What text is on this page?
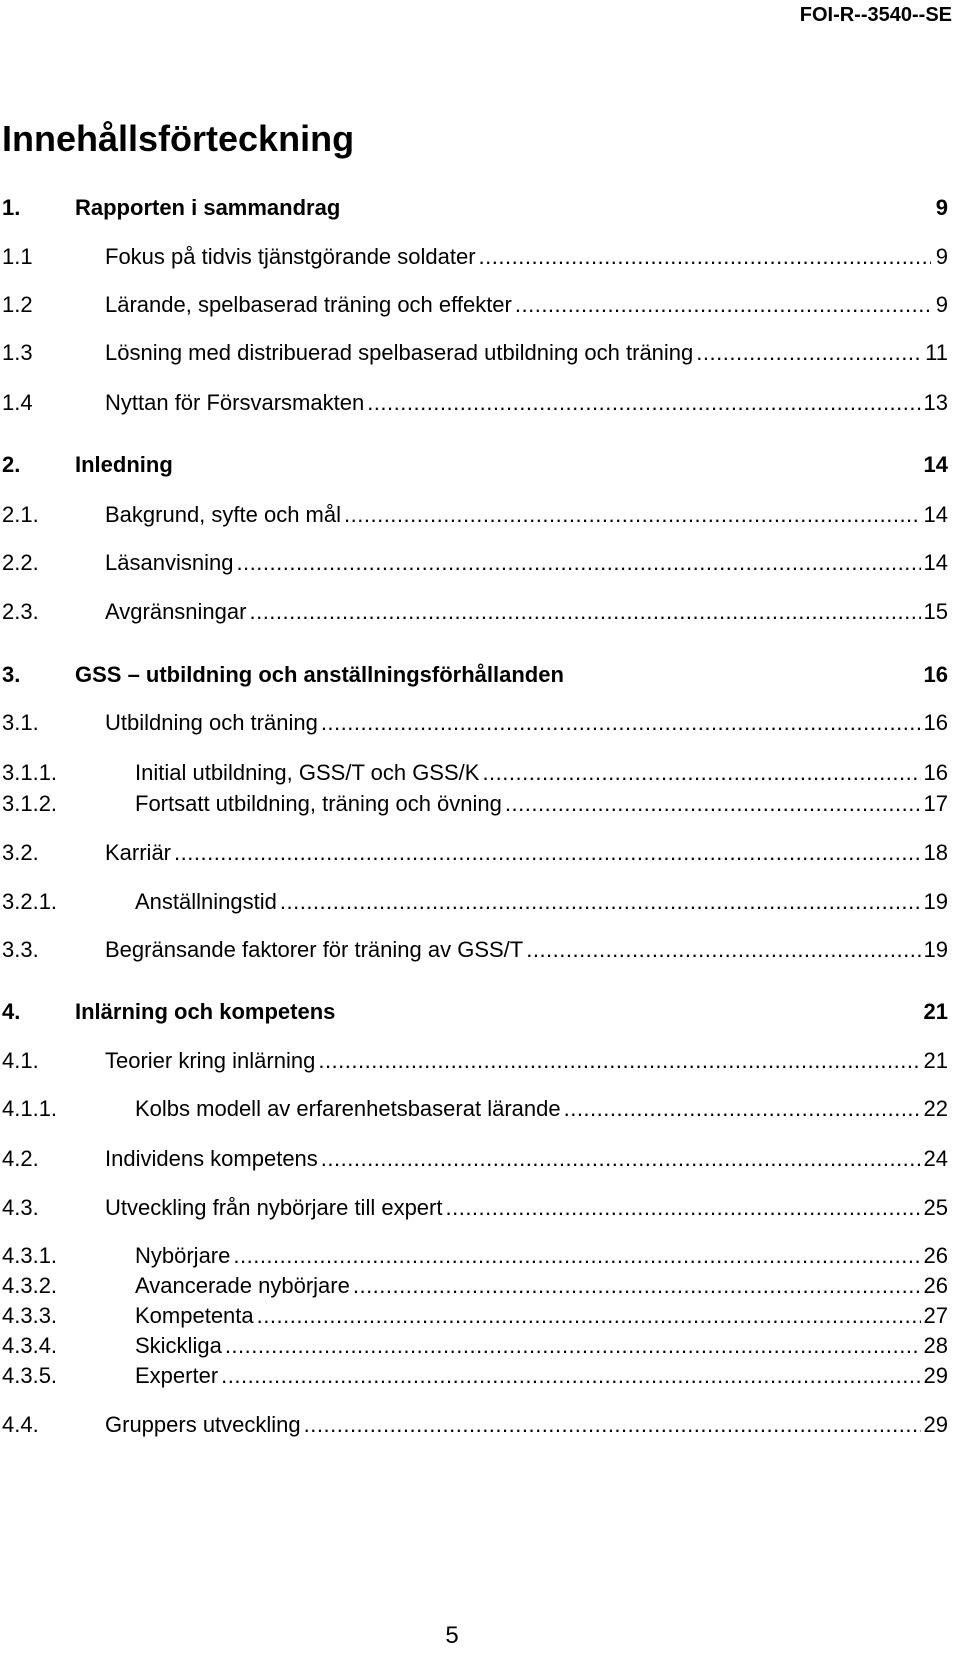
FOI-R--3540--SE
Innehållsförteckning
1.	Rapporten i sammandrag	9
1.1	Fokus på tidvis tjänstgörande soldater .....	9
1.2	Lärande, spelbaserad träning och effekter .....	9
1.3	Lösning med distribuerad spelbaserad utbildning och träning .....	11
1.4	Nyttan för Försvarsmakten .....	13
2.	Inledning	14
2.1.	Bakgrund, syfte och mål .....	14
2.2.	Läsanvisning .....	14
2.3.	Avgränsningar .....	15
3.	GSS – utbildning och anställningsförhållanden	16
3.1.	Utbildning och träning .....	16
3.1.1.	Initial utbildning, GSS/T och GSS/K .....	16
3.1.2.	Fortsatt utbildning, träning och övning .....	17
3.2.	Karriär .....	18
3.2.1.	Anställningstid .....	19
3.3.	Begränsande faktorer för träning av GSS/T .....	19
4.	Inlärning och kompetens	21
4.1.	Teorier kring inlärning .....	21
4.1.1.	Kolbs modell av erfarenhetsbaserat lärande .....	22
4.2.	Individens kompetens .....	24
4.3.	Utveckling från nybörjare till expert .....	25
4.3.1.	Nybörjare .....	26
4.3.2.	Avancerade nybörjare .....	26
4.3.3.	Kompetenta .....	27
4.3.4.	Skickliga .....	28
4.3.5.	Experter .....	29
4.4.	Gruppers utveckling .....	29
5
